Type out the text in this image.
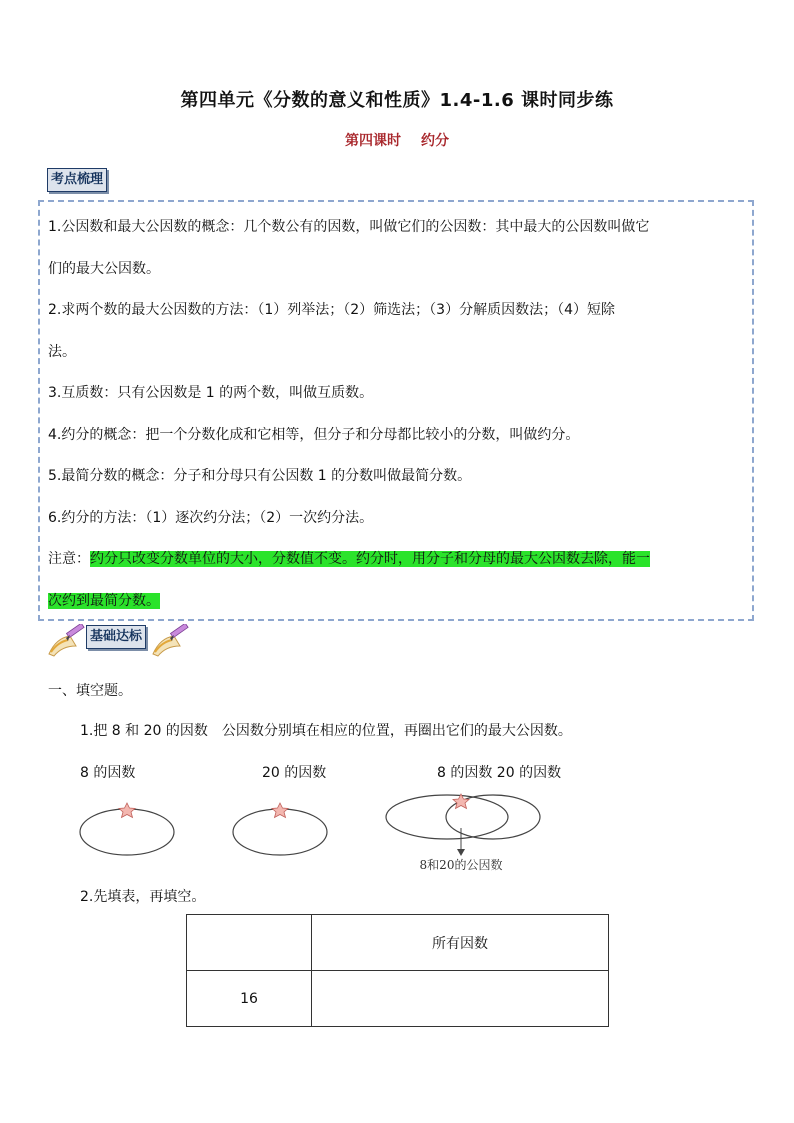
第四单元《分数的意义和性质》1.4-1.6 课时同步练
第四课时 约分
考点梳理

1.公因数和最大公因数的概念：几个数公有的因数，叫做它们的公因数：其中最大的公因数叫做它

们的最大公因数。

2.求两个数的最大公因数的方法：（1）列举法；（2）筛选法；（3）分解质因数法；（4）短除

法。

3.互质数：只有公因数是 1 的两个数，叫做互质数。

4.约分的概念：把一个分数化成和它相等，但分子和分母都比较小的分数，叫做约分。

5.最简分数的概念：分子和分母只有公因数 1 的分数叫做最简分数。

6.约分的方法：（1）逐次约分法；（2）一次约分法。

注意：约分只改变分数单位的大小，分数值不变。约分时，用分子和分母的最大公因数去除，能一

次约到最简分数。

基础达标
一、填空题。
1.把 8 和 20 的因数　公因数分别填在相应的位置，再圈出它们的最大公因数。
8 的因数	20 的因数	8 的因数 20 的因数
8和20的公因数
2.先填表，再填空。
	所有因数
16	
